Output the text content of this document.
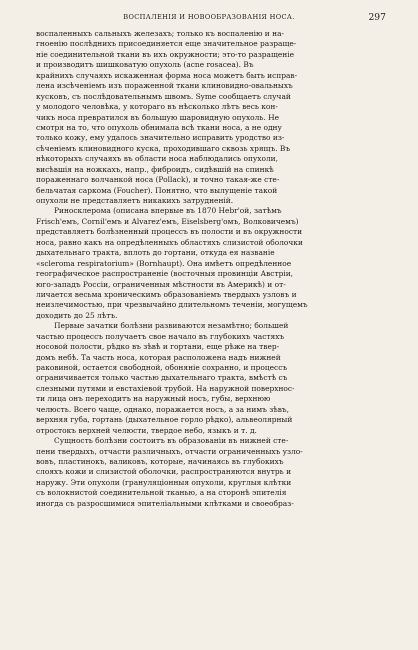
ВОСПАЛЕНІЯ И НОВООБРАЗОВАНІЯ НОСА.	297
воспаленныхъ сальныхъ железахъ; только къ воспаленію и на-
гноенію послѣднихъ присоединяется еще значительное разраще-
ніе соединительной ткани въ ихъ окружности; это-то разращеніе
и производитъ шишковатую опухоль (acne rosacea). Въ
крайнихъ случаяхъ искаженная форма носа можетъ быть исправ-
лена изсѣченіемъ изъ пораженной ткани клиновидно-овальныхъ
кусковъ, съ послѣдовательнымъ швомъ. Syme сообщаетъ случай
у молодого человѣка, у котораго въ нѣсколько лѣтъ весь кон-
чикъ носа превратился въ большую шаровидную опухоль. Не
смотря на то, что опухоль обнимала всѣ ткани носа, а не одну
только кожу, ему удалось значительно исправить уродство из-
сѣченіемъ клиновидного куска, проходившаго сквозь хрящъ. Въ
нѣкоторыхъ случаяхъ въ области носа наблюдались опухоли,
висѣвшія на ножкахъ, напр., фиброидъ, сидѣвшій на спинкѣ
пораженнаго волчанкой носа (Pollack), и точно такая-же сте-
бельчатая саркома (Foucher). Понятно, что вылущеніе такой
опухоли не представляетъ никакихъ затрудненій.
Риносклерома (описана впервые въ 1870 Hebr'ой, затѣмъ
Frisch'емъ, Cornil'емъ и Alvarez'емъ, Eiselsberg'омъ, Волковичемъ)
представляетъ болѣзненный процессъ въ полости и въ окружности
носа, равно какъ на опредѣленныхъ областяхъ слизистой оболочки
дыхательнаго тракта, вплоть до гортани, откуда ея названіе
«scleroma respiratorium» (Bornhaupt). Она имѣетъ опредѣленное
географическое распространеніе (восточныя провинціи Австріи,
юго-западъ Россіи, ограниченныя мѣстности въ Америкѣ) и от-
личается весьма хроническимъ образованіемъ твердыхъ узловъ и
неизлечимостью, при чрезвычайно длительномъ теченіи, могущемъ
доходить до 25 лѣтъ.
Первые зачатки болѣзни развиваются незамѣтно; большей
частью процессъ получаетъ свое начало въ глубокихъ частяхъ
носовой полости, рѣдко въ зѣвѣ и гортани, еще рѣже на твер-
домъ небѣ. Та часть носа, которая расположена надъ нижней
раковиной, остается свободной, обоняніе сохранно, и процессъ
ограничивается только частью дыхательнаго тракта, вмѣстѣ съ
слезными путями и евстахіевой трубой. На наружной поверхнос-
ти лица онъ переходитъ на наружный носъ, губы, верхнюю
челюсть. Всего чаще, однако, поражается носъ, а за нимъ зѣвъ,
верхняя губа, гортань (дыхательное горло рѣдко), альвеолярный
отростокъ верхней челюсти, твердое небо, языкъ и т. д.
Сущность болѣзни состоитъ въ образованіи въ нижней сте-
пени твердыхъ, отчасти различныхъ, отчасти ограниченныхъ узло-
вовъ, пластинокъ, валиковъ, которые, начинаясь въ глубокихъ
слояхъ кожи и слизистой оболочки, распространяются внутрь и
наружу. Эти опухоли (грануляціонныя опухоли, круглыя клѣтки
съ волокнистой соединительной тканью, а на сторонѣ эпителія
иногда съ разросшимися эпителіальными клѣтками и своеобраз-
